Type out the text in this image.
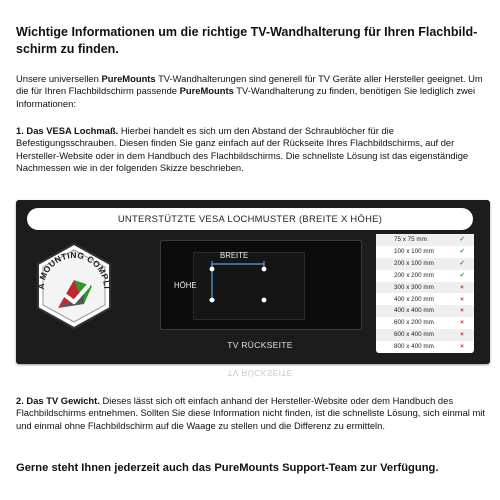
Wichtige Informationen um die richtige TV-Wandhalterung für Ihren Flachbild-schirm zu finden.
Unsere universellen PureMounts TV-Wandhalterungen sind generell für TV Geräte aller Hersteller geeignet. Um die für Ihren Flachbildschirm passende PureMounts TV-Wandhalterung zu finden, benötigen Sie lediglich zwei Informationen:
1. Das VESA Lochmaß. Hierbei handelt es sich um den Abstand der Schraublöcher für die Befestigungsschrauben. Diesen finden Sie ganz einfach auf der Rückseite Ihres Flachbildschirms, auf der Hersteller-Website oder in dem Handbuch des Flachbildschirms. Die schnellste Lösung ist das eigenständige Nachmessen wie in der folgenden Skizze beschrieben.
UNTERSTÜTZTE VESA LOCHMUSTER (BREITE X HÖHE)
A MOUNTING COMPLI
BREITE
HÖHE
TV RÜCKSEITE
TV RÜCKSEITE
75 x 75 mm	✓
100 x 100 mm	✓
200 x 100 mm	✓
200 x 200 mm	✓
300 x 300 mm	×
400 x 200 mm	×
400 x 400 mm	×
600 x 200 mm	×
600 x 400 mm	×
800 x 400 mm	×
2. Das TV Gewicht. Dieses lässt sich oft einfach anhand der Hersteller-Website oder dem Handbuch des Flachbildschirms entnehmen. Sollten Sie diese Information nicht finden, ist die schnellste Lösung, sich einmal mit und einmal ohne Flachbildschirm auf die Waage zu stellen und die Differenz zu ermitteln.
Gerne steht Ihnen jederzeit auch das PureMounts Support-Team zur Verfügung.
